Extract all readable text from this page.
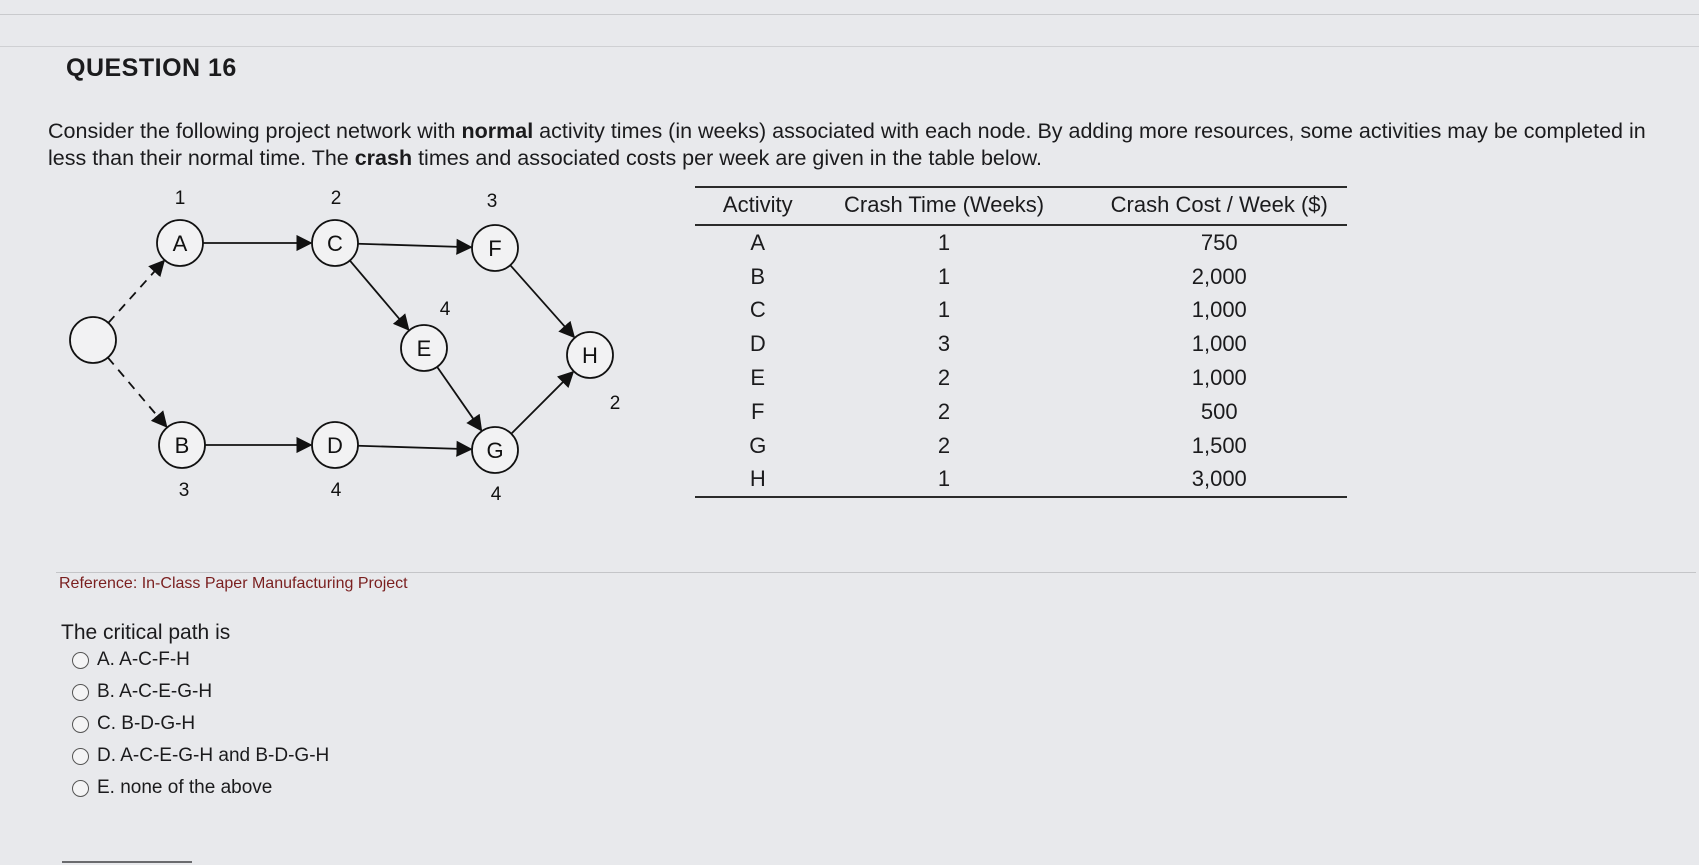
QUESTION 16
Consider the following project network with normal activity times (in weeks) associated with each node. By adding more resources, some activities may be completed in less than their normal time. The crash times and associated costs per week are given in the table below.
A
1
B
3
C
2
D
4
E
4
F
3
G
4
H
2
Activity	Crash Time (Weeks)	Crash Cost / Week ($)
A	1	750
B	1	2,000
C	1	1,000
D	3	1,000
E	2	1,000
F	2	500
G	2	1,500
H	1	3,000
Reference: In-Class Paper Manufacturing Project
The critical path is
A. A-C-F-H
B. A-C-E-G-H
C. B-D-G-H
D. A-C-E-G-H and B-D-G-H
E. none of the above
